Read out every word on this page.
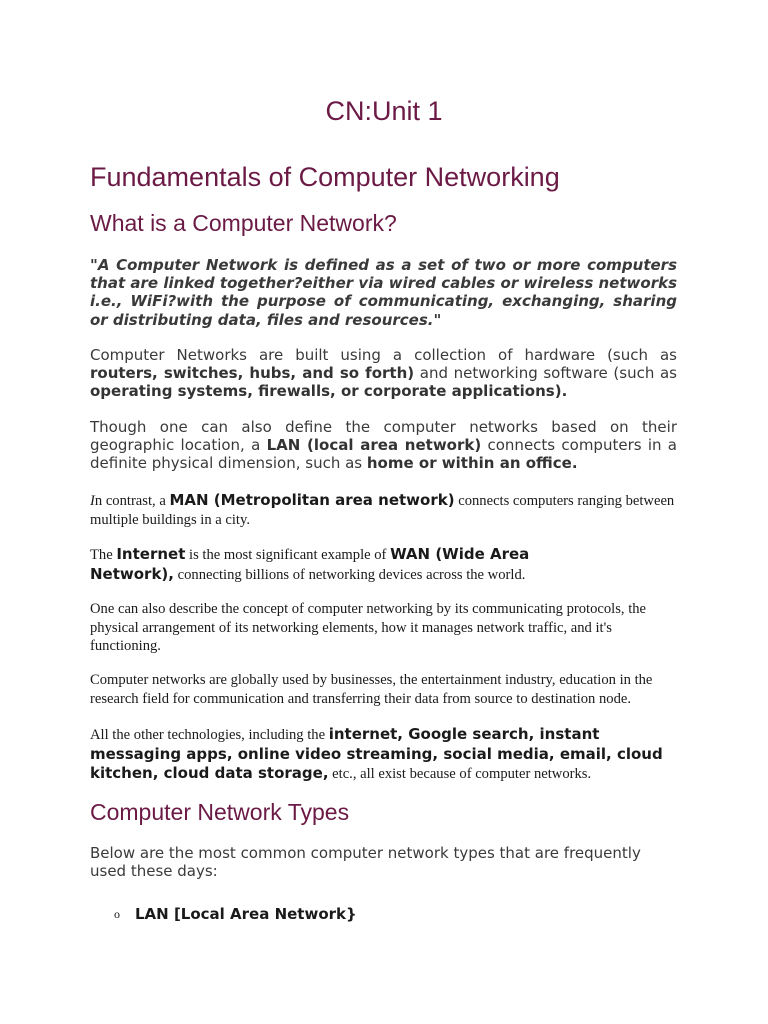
CN:Unit 1
Fundamentals of Computer Networking
What is a Computer Network?

"A Computer Network is defined as a set of two or more computers that are linked together?either via wired cables or wireless networks i.e., WiFi?with the purpose of communicating, exchanging, sharing or distributing data, files and resources."

Computer Networks are built using a collection of hardware (such as routers, switches, hubs, and so forth) and networking software (such as operating systems, firewalls, or corporate applications).

Though one can also define the computer networks based on their geographic location, a LAN (local area network) connects computers in a definite physical dimension, such as home or within an office.

In contrast, a MAN (Metropolitan area network) connects computers ranging between multiple buildings in a city.

The Internet is the most significant example of WAN (Wide Area Network), connecting billions of networking devices across the world.

One can also describe the concept of computer networking by its communicating protocols, the physical arrangement of its networking elements, how it manages network traffic, and it's functioning.

Computer networks are globally used by businesses, the entertainment industry, education in the research field for communication and transferring their data from source to destination node.

All the other technologies, including the internet, Google search, instant messaging apps, online video streaming, social media, email, cloud kitchen, cloud data storage, etc., all exist because of computer networks.

Computer Network Types

Below are the most common computer network types that are frequently used these days:

o LAN [Local Area Network}
